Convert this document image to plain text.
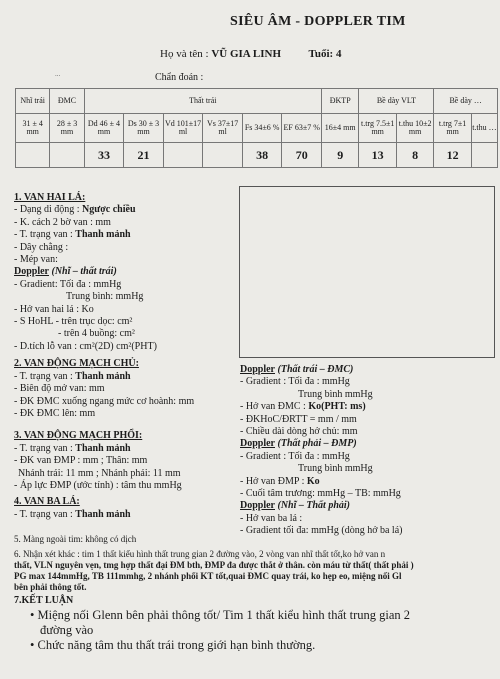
SIÊU ÂM - DOPPLER TIM
Họ và tên : VŨ GIA LINH	Tuổi: 4
...	Chẩn đoán :
Nhĩ trái	ĐMC	Thất trái						ĐKTP	Bề dày VLT		Bề dày …	
31 ± 4 mm	28 ± 3 mm	Dd 46 ± 4 mm	Ds 30 ± 3 mm	Vd 101±17 ml	Vs 37±17 ml	Fs 34±6 %	EF 63±7 %	16±4 mm	t.trg 7.5±1 mm	t.thu 10±2 mm	t.trg 7±1 mm	t.thu …
		33	21			38	70	9	13	8	12	
1. VAN HAI LÁ:
- Dạng di động : Ngược chiều
- K. cách 2 bờ van : mm
- T. trạng van : Thanh mảnh
- Dây chằng :
- Mép van:
Doppler (Nhĩ – thất trái)
- Gradient: Tối đa : mmHg
Trung bình: mmHg
- Hở van hai lá : Ko
- S HoHL - trên trục dọc: cm²
- trên 4 buồng: cm²
- D.tích lỗ van : cm²(2D) cm²(PHT)
2. VAN ĐỘNG MẠCH CHỦ:
- T. trạng van : Thanh mảnh
- Biên độ mở van: mm
- ĐK ĐMC xuống ngang mức cơ hoành: mm
- ĐK ĐMC lên: mm
3. VAN ĐỘNG MẠCH PHỔI:
- T. trạng van : Thanh mảnh
- ĐK van ĐMP : mm ; Thân: mm
Nhánh trái: 11 mm ; Nhánh phải: 11 mm
- Áp lực ĐMP (ước tính) : tâm thu mmHg
4. VAN BA LÁ:
- T. trạng van : Thanh mảnh
Doppler (Thất trái – ĐMC)
- Gradient : Tối đa : mmHg
Trung bình mmHg
- Hở van ĐMC : Ko(PHT: ms)
- ĐKHoC/ĐRTT = mm / mm
- Chiều dài dòng hở chủ: mm
Doppler (Thất phải – ĐMP)
- Gradient : Tối đa : mmHg
Trung bình mmHg
- Hở van ĐMP : Ko
- Cuối tâm trương: mmHg – TB: mmHg
Doppler (Nhĩ – Thất phải)
- Hở van ba lá :
- Gradient tối đa: mmHg (dòng hở ba lá)
5. Màng ngoài tim: không có dịch
6. Nhận xét khác : tim 1 thất kiểu hình thất trung gian 2 đường vào, 2 vòng van nhĩ thất tốt,ko hở van n
thất, VLN nguyên vẹn, tmg hợp thất đại ĐM bth, ĐMP đa được thắt ở thân. còn máu từ thất( thất phải )
PG max 144mmHg, TB 111mmhg, 2 nhánh phổi KT tốt,quai ĐMC quay trái, ko hẹp eo, miệng nối Gl
bên phải thông tốt.
7.KẾT LUẬN
• Miệng nối Glenn bên phải thông tốt/ Tim 1 thất kiểu hình thất trung gian 2
đường vào
• Chức năng tâm thu thất trái trong giới hạn bình thường.
